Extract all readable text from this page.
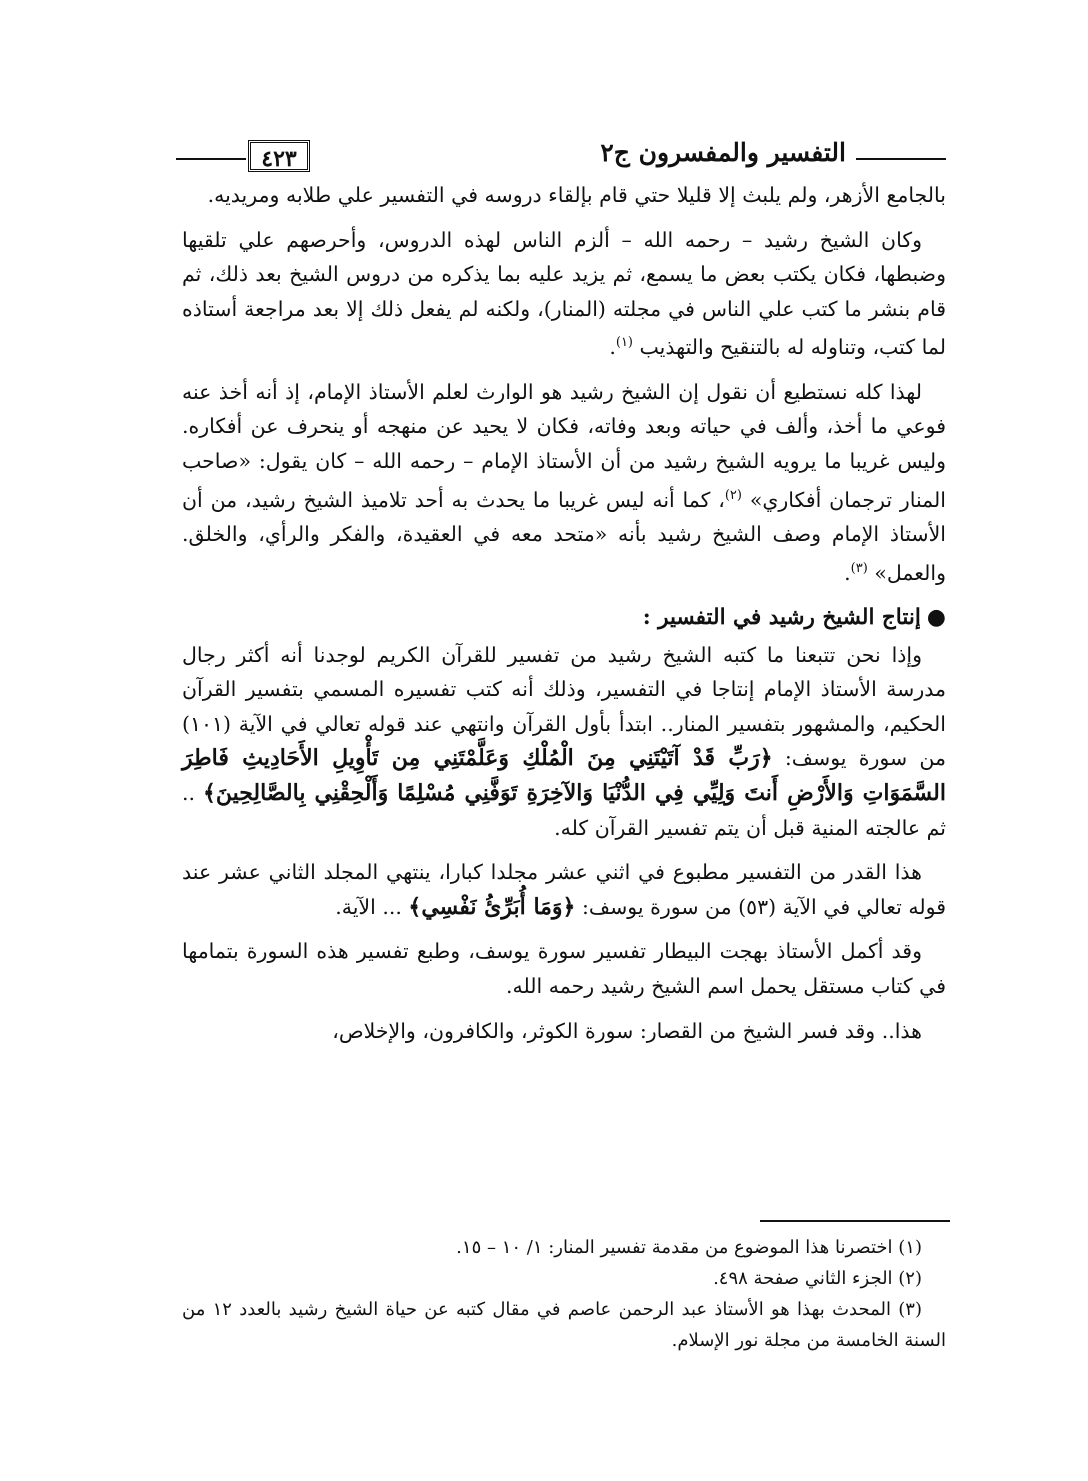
التفسير والمفسرون ج٢
٤٢٣

بالجامع الأزهر، ولم يلبث إلا قليلا حتي قام بإلقاء دروسه في التفسير علي طلابه ومريديه.

وكان الشيخ رشيد – رحمه الله – ألزم الناس لهذه الدروس، وأحرصهم علي تلقيها وضبطها، فكان يكتب بعض ما يسمع، ثم يزيد عليه بما يذكره من دروس الشيخ بعد ذلك، ثم قام بنشر ما كتب علي الناس في مجلته (المنار)، ولكنه لم يفعل ذلك إلا بعد مراجعة أستاذه لما كتب، وتناوله له بالتنقيح والتهذيب $^{(١)}$.

لهذا كله نستطيع أن نقول إن الشيخ رشيد هو الوارث لعلم الأستاذ الإمام، إذ أنه أخذ عنه فوعي ما أخذ، وألف في حياته وبعد وفاته، فكان لا يحيد عن منهجه أو ينحرف عن أفكاره. وليس غريبا ما يرويه الشيخ رشيد من أن الأستاذ الإمام – رحمه الله – كان يقول: «صاحب المنار ترجمان أفكاري» $^{(٢)}$، كما أنه ليس غريبا ما يحدث به أحد تلاميذ الشيخ رشيد، من أن الأستاذ الإمام وصف الشيخ رشيد بأنه «متحد معه في العقيدة، والفكر والرأي، والخلق. والعمل» $^{(٣)}$.

●إنتاج الشيخ رشيد في التفسير :

وإذا نحن تتبعنا ما كتبه الشيخ رشيد من تفسير للقرآن الكريم لوجدنا أنه أكثر رجال مدرسة الأستاذ الإمام إنتاجا في التفسير، وذلك أنه كتب تفسيره المسمي بتفسير القرآن الحكيم، والمشهور بتفسير المنار.. ابتدأ بأول القرآن وانتهي عند قوله تعالي في الآية (١٠١) من سورة يوسف: ﴿رَبِّ قَدْ آتَيْتَنِي مِنَ الْمُلْكِ وَعَلَّمْتَنِي مِن تَأْوِيلِ الأَحَادِيثِ فَاطِرَ السَّمَوَاتِ وَالأَرْضِ أَنتَ وَلِيِّي فِي الدُّنْيَا وَالآخِرَةِ تَوَفَّنِي مُسْلِمًا وَأَلْحِقْنِي بِالصَّالِحِينَ﴾ .. ثم عالجته المنية قبل أن يتم تفسير القرآن كله.

هذا القدر من التفسير مطبوع في اثني عشر مجلدا كبارا، ينتهي المجلد الثاني عشر عند قوله تعالي في الآية (٥٣) من سورة يوسف: ﴿وَمَا أُبَرِّئُ نَفْسِي﴾ ... الآية.

وقد أكمل الأستاذ بهجت البيطار تفسير سورة يوسف، وطبع تفسير هذه السورة بتمامها في كتاب مستقل يحمل اسم الشيخ رشيد رحمه الله.

هذا.. وقد فسر الشيخ من القصار: سورة الكوثر، والكافرون، والإخلاص،

(١) اختصرنا هذا الموضوع من مقدمة تفسير المنار: ١/ ١٠ – ١٥.

(٢) الجزء الثاني صفحة ٤٩٨.

(٣) المحدث بهذا هو الأستاذ عبد الرحمن عاصم في مقال كتبه عن حياة الشيخ رشيد بالعدد ١٢ من السنة الخامسة من مجلة نور الإسلام.
